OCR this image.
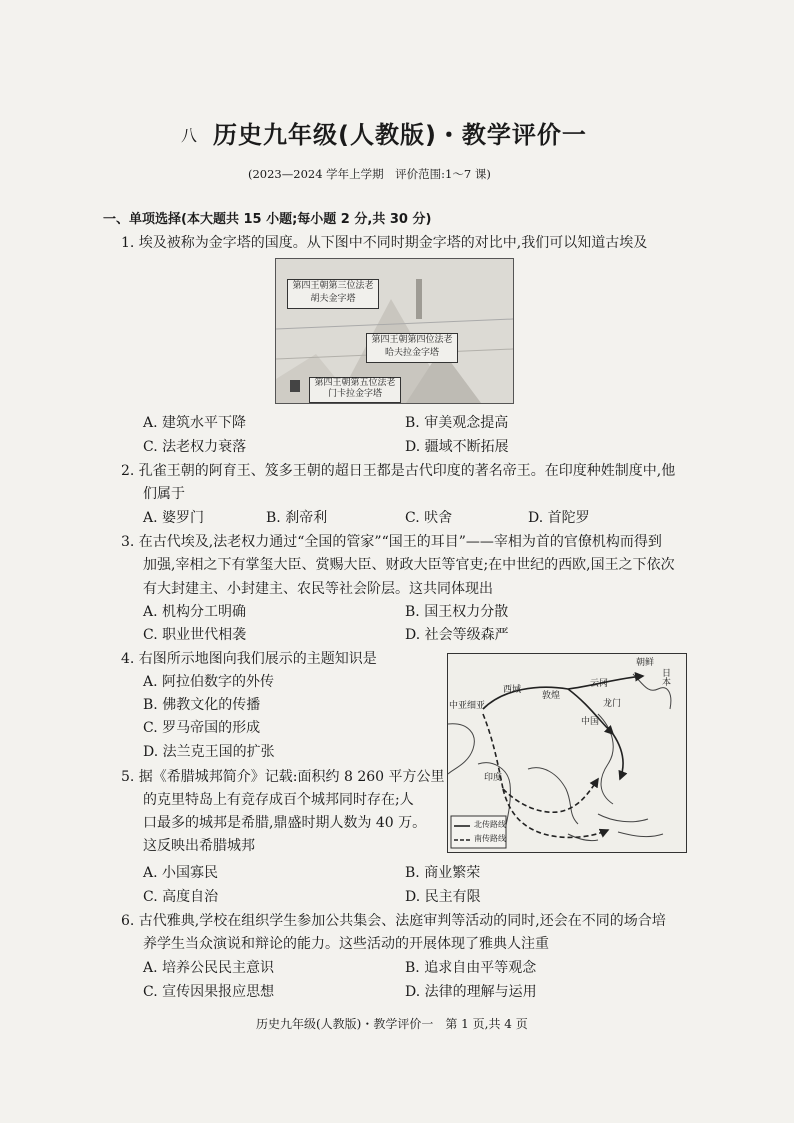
八 历史九年级(人教版)・教学评价一
(2023—2024 学年上学期　评价范围:1～7 课)
一、单项选择(本大题共 15 小题;每小题 2 分,共 30 分)
1. 埃及被称为金字塔的国度。从下图中不同时期金字塔的对比中,我们可以知道古埃及
第四王朝第三位法老
胡夫金字塔
第四王朝第四位法老
哈夫拉金字塔
第四王朝第五位法老
门卡拉金字塔
A. 建筑水平下降	B. 审美观念提高
C. 法老权力衰落	D. 疆域不断拓展
2. 孔雀王朝的阿育王、笈多王朝的超日王都是古代印度的著名帝王。在印度种姓制度中,他
们属于
A. 婆罗门	B. 刹帝利	C. 吠舍	D. 首陀罗
3. 在古代埃及,法老权力通过“全国的管家”“国王的耳目”——宰相为首的官僚机构而得到
加强,宰相之下有掌玺大臣、赏赐大臣、财政大臣等官吏;在中世纪的西欧,国王之下依次
有大封建主、小封建主、农民等社会阶层。这共同体现出
A. 机构分工明确	B. 国王权力分散
C. 职业世代相袭	D. 社会等级森严
4. 右图所示地图向我们展示的主题知识是
A. 阿拉伯数字的外传
B. 佛教文化的传播
C. 罗马帝国的形成
D. 法兰克王国的扩张
朝鲜
日本
西域
敦煌
云冈
中亚细亚	龙门
中国
印度
北传路线
南传路线
5. 据《希腊城邦简介》记载:面积约 8 260 平方公里
的克里特岛上有竞存成百个城邦同时存在;人
口最多的城邦是希腊,鼎盛时期人数为 40 万。
这反映出希腊城邦
A. 小国寡民	B. 商业繁荣
C. 高度自治	D. 民主有限
6. 古代雅典,学校在组织学生参加公共集会、法庭审判等活动的同时,还会在不同的场合培
养学生当众演说和辩论的能力。这些活动的开展体现了雅典人注重
A. 培养公民民主意识	B. 追求自由平等观念
C. 宣传因果报应思想	D. 法律的理解与运用
历史九年级(人教版)・教学评价一　第 1 页,共 4 页
